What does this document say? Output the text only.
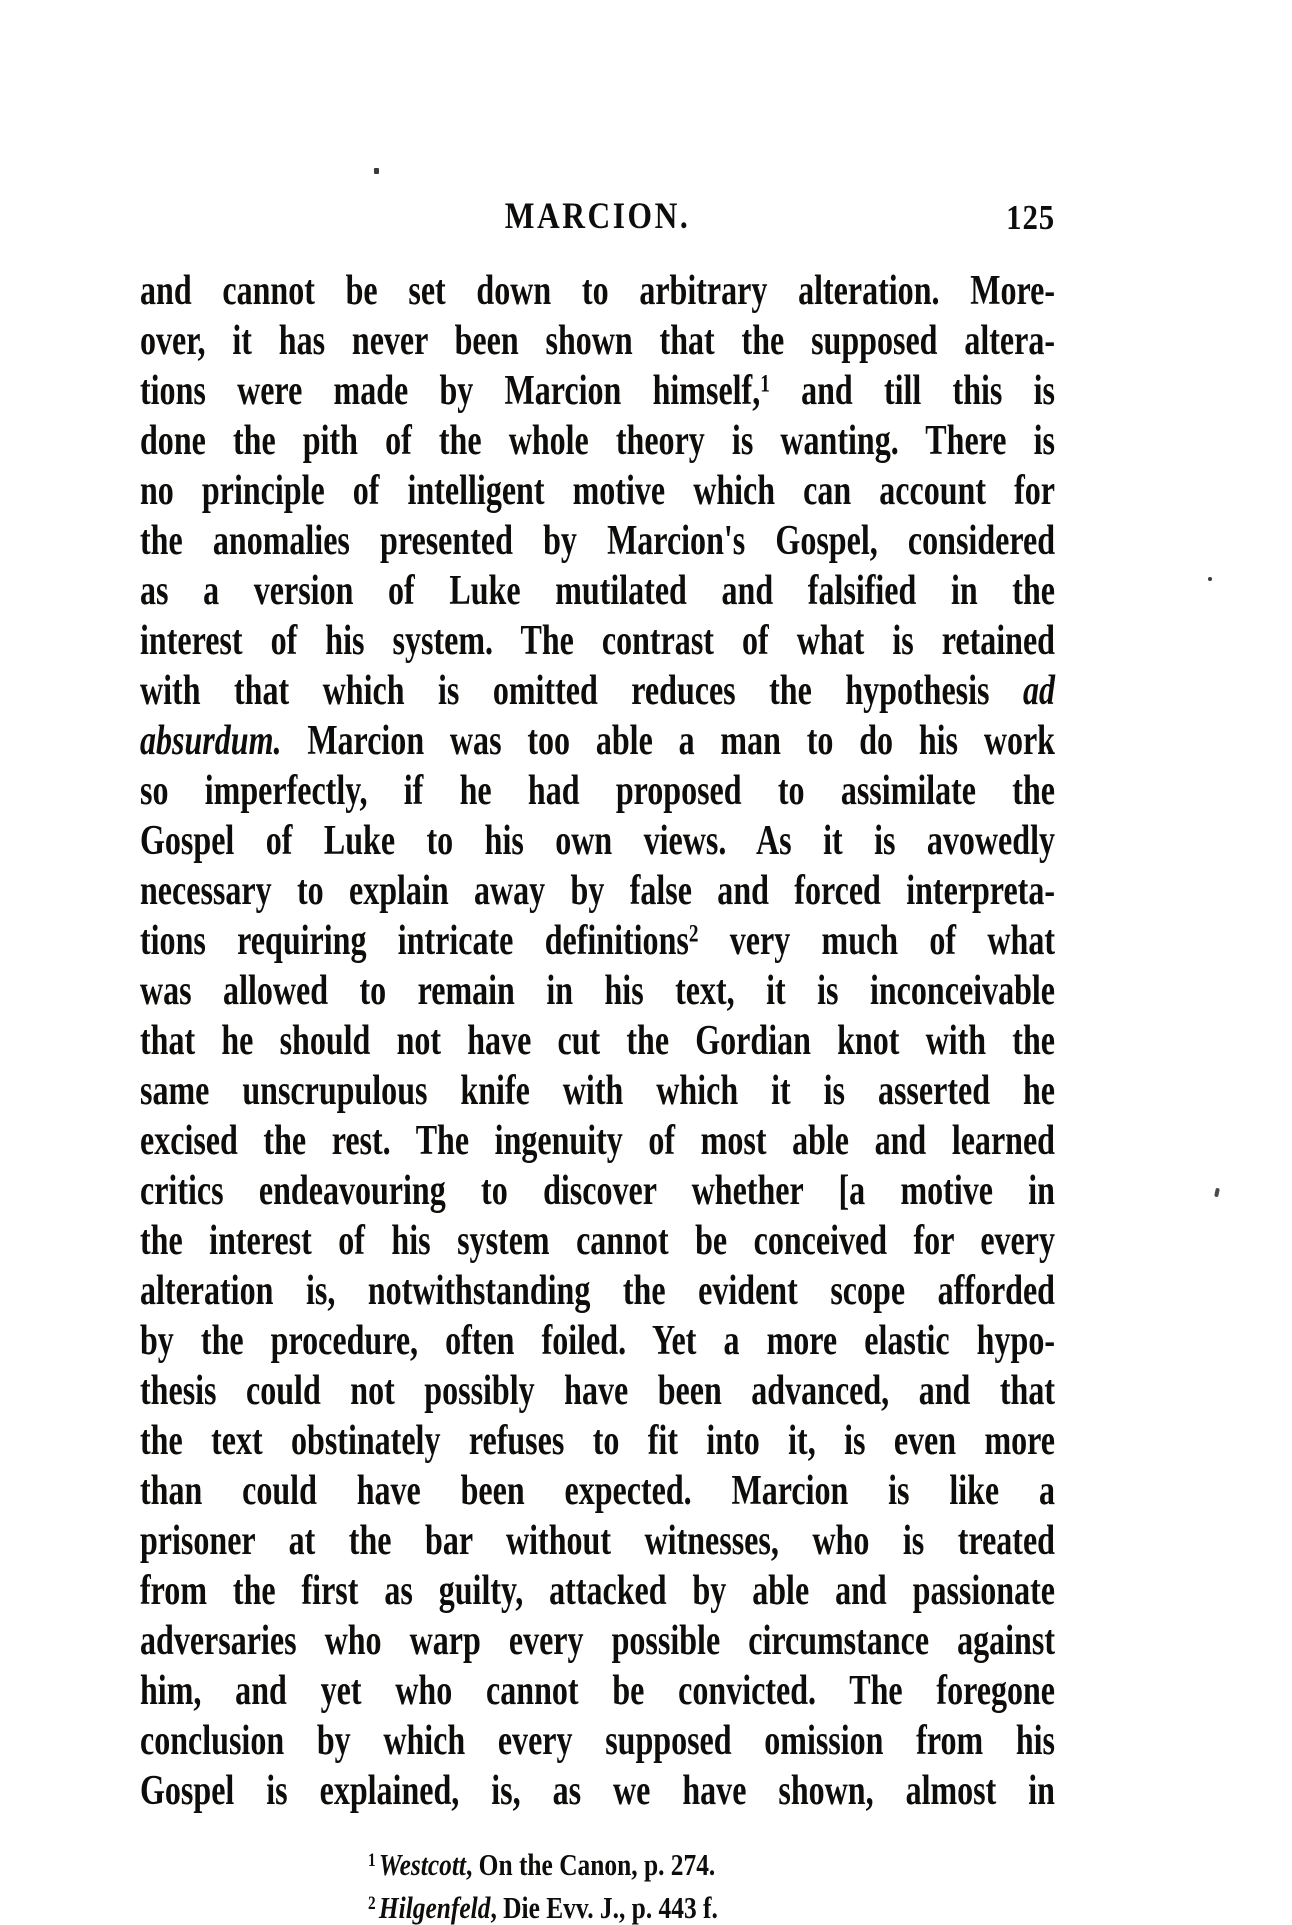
MARCION.	125
and cannot be set down to arbitrary alteration. More-
over, it has never been shown that the supposed altera-
tions were made by Marcion himself,$^1$ and till this is
done the pith of the whole theory is wanting. There is
no principle of intelligent motive which can account for
the anomalies presented by Marcion's Gospel, considered
as a version of Luke mutilated and falsified in the
interest of his system. The contrast of what is retained
with that which is omitted reduces the hypothesis ad
absurdum. Marcion was too able a man to do his work
so imperfectly, if he had proposed to assimilate the
Gospel of Luke to his own views. As it is avowedly
necessary to explain away by false and forced interpreta-
tions requiring intricate definitions$^2$ very much of what
was allowed to remain in his text, it is inconceivable
that he should not have cut the Gordian knot with the
same unscrupulous knife with which it is asserted he
excised the rest. The ingenuity of most able and learned
critics endeavouring to discover whether [a motive in
the interest of his system cannot be conceived for every
alteration is, notwithstanding the evident scope afforded
by the procedure, often foiled. Yet a more elastic hypo-
thesis could not possibly have been advanced, and that
the text obstinately refuses to fit into it, is even more
than could have been expected. Marcion is like a
prisoner at the bar without witnesses, who is treated
from the first as guilty, attacked by able and passionate
adversaries who warp every possible circumstance against
him, and yet who cannot be convicted. The foregone
conclusion by which every supposed omission from his
Gospel is explained, is, as we have shown, almost in
$^1$ Westcott, On the Canon, p. 274.
$^2$ Hilgenfeld, Die Evv. J., p. 443 f.
